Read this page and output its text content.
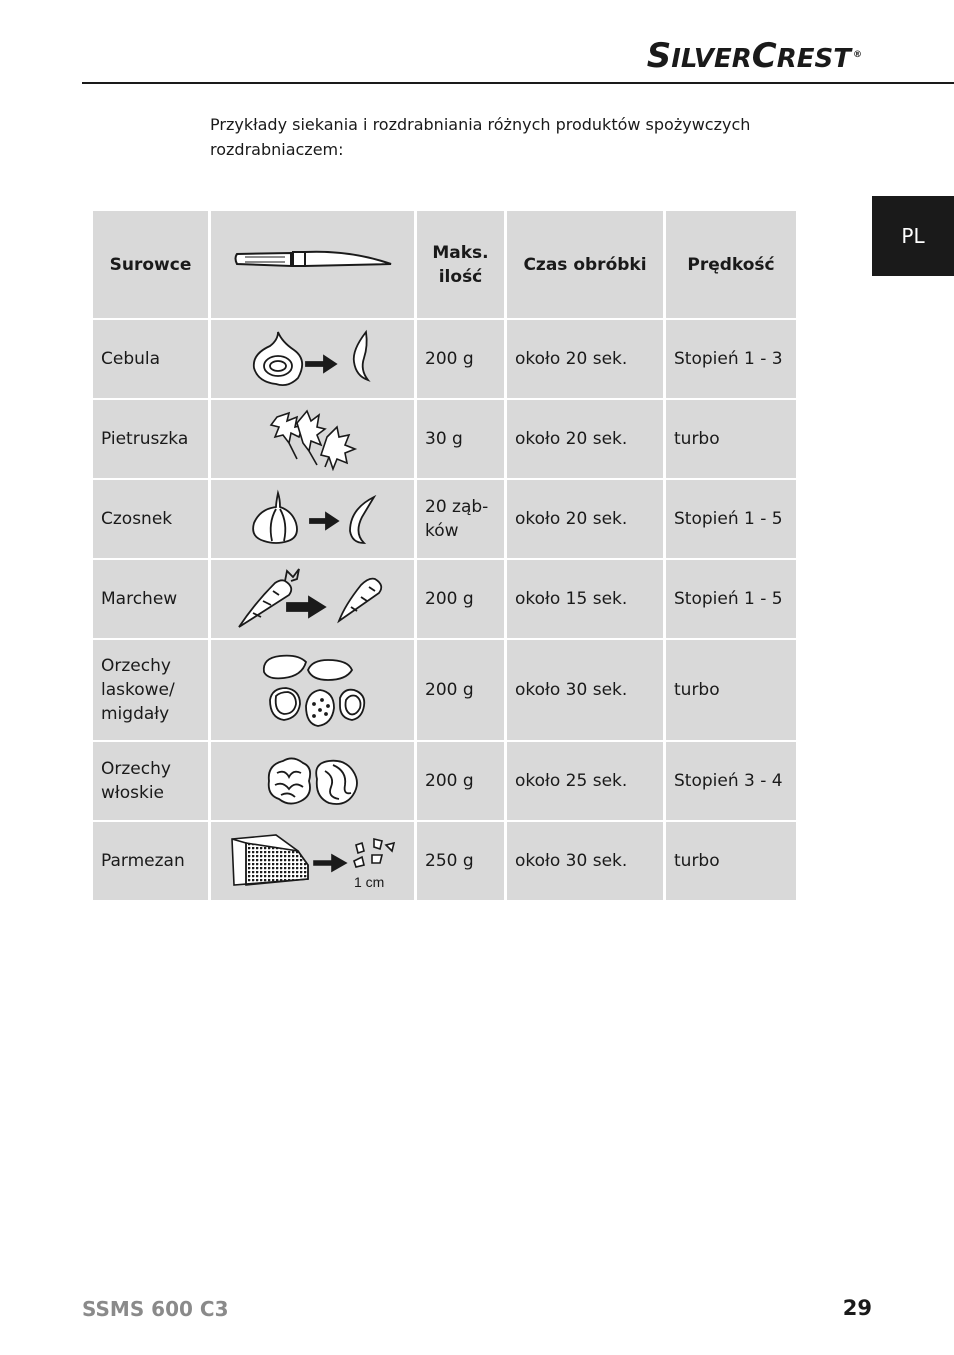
SILVERCREST ®
PL
Przykłady siekania i rozdrabniania różnych produktów spożywczych rozdrabniaczem:
Surowce		Maks. ilość	Czas obróbki	Prędkość
Cebula		200 g	około 20 sek.	Stopień 1 - 3
Pietruszka		30 g	około 20 sek.	turbo
Czosnek		20 ząb-ków	około 20 sek.	Stopień 1 - 5
Marchew		200 g	około 15 sek.	Stopień 1 - 5
Orzechy laskowe/ migdały		200 g	około 30 sek.	turbo
Orzechy włoskie		200 g	około 25 sek.	Stopień 3 - 4
Parmezan	1 cm	250 g	około 30 sek.	turbo
SSMS 600 C3	29
